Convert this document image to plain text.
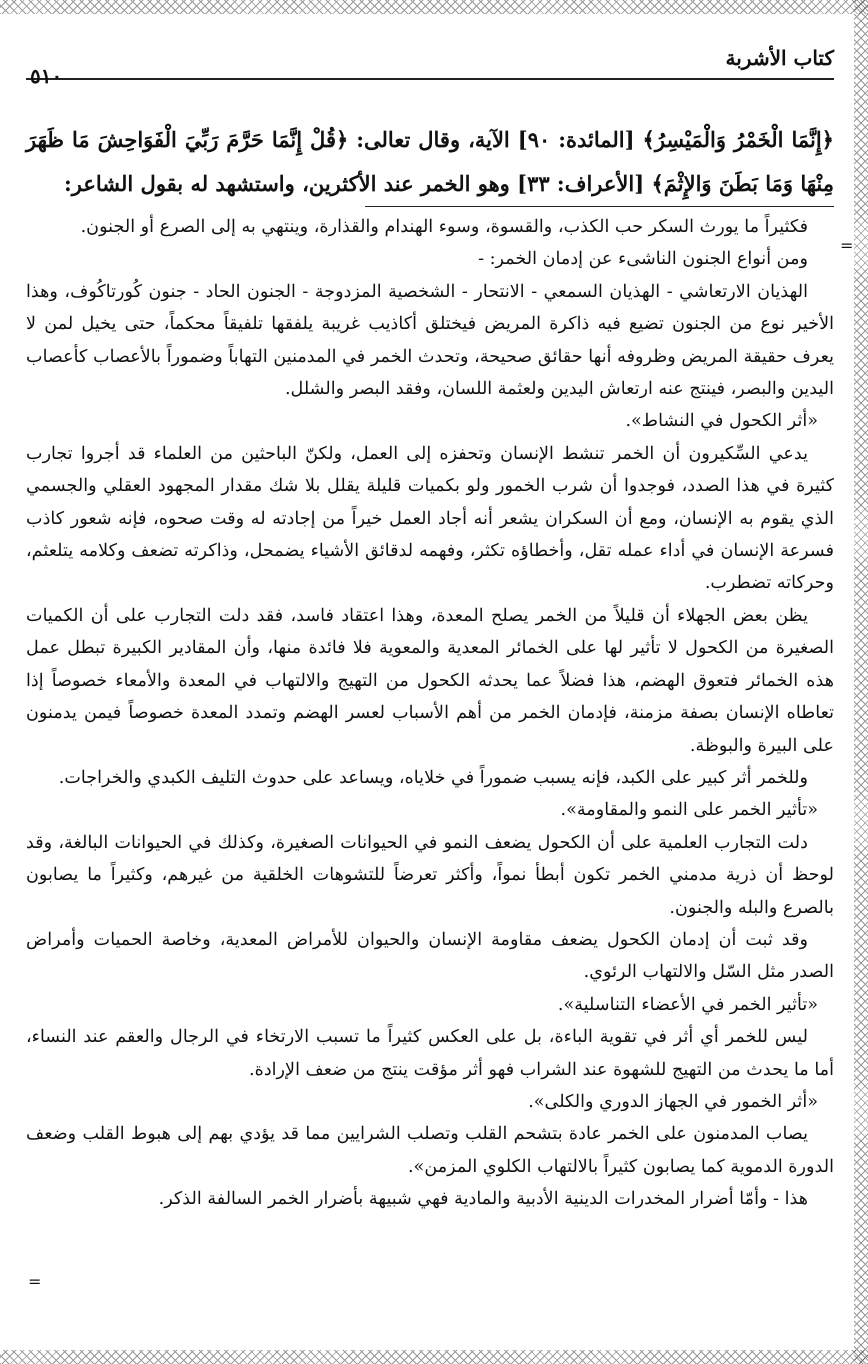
كتاب الأشربة
٥١٠
﴿إِنَّمَا الْخَمْرُ وَالْمَيْسِرُ﴾ [المائدة: ٩٠] الآية، وقال تعالى: ﴿قُلْ إِنَّمَا حَرَّمَ رَبِّيَ الْفَوَاحِشَ مَا ظَهَرَ مِنْهَا وَمَا بَطَنَ وَالإِثْمَ﴾ [الأعراف: ٣٣] وهو الخمر عند الأكثرين، واستشهد له بقول الشاعر:

فكثيراً ما يورث السكر حب الكذب، والقسوة، وسوء الهندام والقذارة، وينتهي به إلى الصرع أو الجنون.

ومن أنواع الجنون الناشىء عن إدمان الخمر: -

الهذيان الارتعاشي - الهذيان السمعي - الانتحار - الشخصية المزدوجة - الجنون الحاد - جنون كُورتاكُوف، وهذا الأخير نوع من الجنون تضيع فيه ذاكرة المريض فيختلق أكاذيب غريبة يلفقها تلفيقاً محكماً، حتى يخيل لمن لا يعرف حقيقة المريض وظروفه أنها حقائق صحيحة، وتحدث الخمر في المدمنين التهاباً وضموراً بالأعصاب كأعصاب اليدين والبصر، فينتج عنه ارتعاش اليدين ولعثمة اللسان، وفقد البصر والشلل.

«أثر الكحول في النشاط».

يدعي السِّكيرون أن الخمر تنشط الإنسان وتحفزه إلى العمل، ولكنّ الباحثين من العلماء قد أجروا تجارب كثيرة في هذا الصدد، فوجدوا أن شرب الخمور ولو بكميات قليلة يقلل بلا شك مقدار المجهود العقلي والجسمي الذي يقوم به الإنسان، ومع أن السكران يشعر أنه أجاد العمل خيراً من إجادته له وقت صحوه، فإنه شعور كاذب فسرعة الإنسان في أداء عمله تقل، وأخطاؤه تكثر، وفهمه لدقائق الأشياء يضمحل، وذاكرته تضعف وكلامه يتلعثم، وحركاته تضطرب.

يظن بعض الجهلاء أن قليلاً من الخمر يصلح المعدة، وهذا اعتقاد فاسد، فقد دلت التجارب على أن الكميات الصغيرة من الكحول لا تأثير لها على الخمائر المعدية والمعوية فلا فائدة منها، وأن المقادير الكبيرة تبطل عمل هذه الخمائر فتعوق الهضم، هذا فضلاً عما يحدثه الكحول من التهيج والالتهاب في المعدة والأمعاء خصوصاً إذا تعاطاه الإنسان بصفة مزمنة، فإدمان الخمر من أهم الأسباب لعسر الهضم وتمدد المعدة خصوصاً فيمن يدمنون على البيرة والبوظة.

وللخمر أثر كبير على الكبد، فإنه يسبب ضموراً في خلاياه، ويساعد على حدوث التليف الكبدي والخراجات.

«تأثير الخمر على النمو والمقاومة».

دلت التجارب العلمية على أن الكحول يضعف النمو في الحيوانات الصغيرة، وكذلك في الحيوانات البالغة، وقد لوحظ أن ذرية مدمني الخمر تكون أبطأ نمواً، وأكثر تعرضاً للتشوهات الخلقية من غيرهم، وكثيراً ما يصابون بالصرع والبله والجنون.

وقد ثبت أن إدمان الكحول يضعف مقاومة الإنسان والحيوان للأمراض المعدية، وخاصة الحميات وأمراض الصدر مثل السّل والالتهاب الرئوي.

«تأثير الخمر في الأعضاء التناسلية».

ليس للخمر أي أثر في تقوية الباءة، بل على العكس كثيراً ما تسبب الارتخاء في الرجال والعقم عند النساء، أما ما يحدث من التهيج للشهوة عند الشراب فهو أثر مؤقت ينتج من ضعف الإرادة.

«أثر الخمور في الجهاز الدوري والكلى».

يصاب المدمنون على الخمر عادة بتشحم القلب وتصلب الشرايين مما قد يؤدي بهم إلى هبوط القلب وضعف الدورة الدموية كما يصابون كثيراً بالالتهاب الكلوي المزمن».

هذا - وأمّا أضرار المخدرات الدينية الأدبية والمادية فهي شبيهة بأضرار الخمر السالفة الذكر.

=
=
